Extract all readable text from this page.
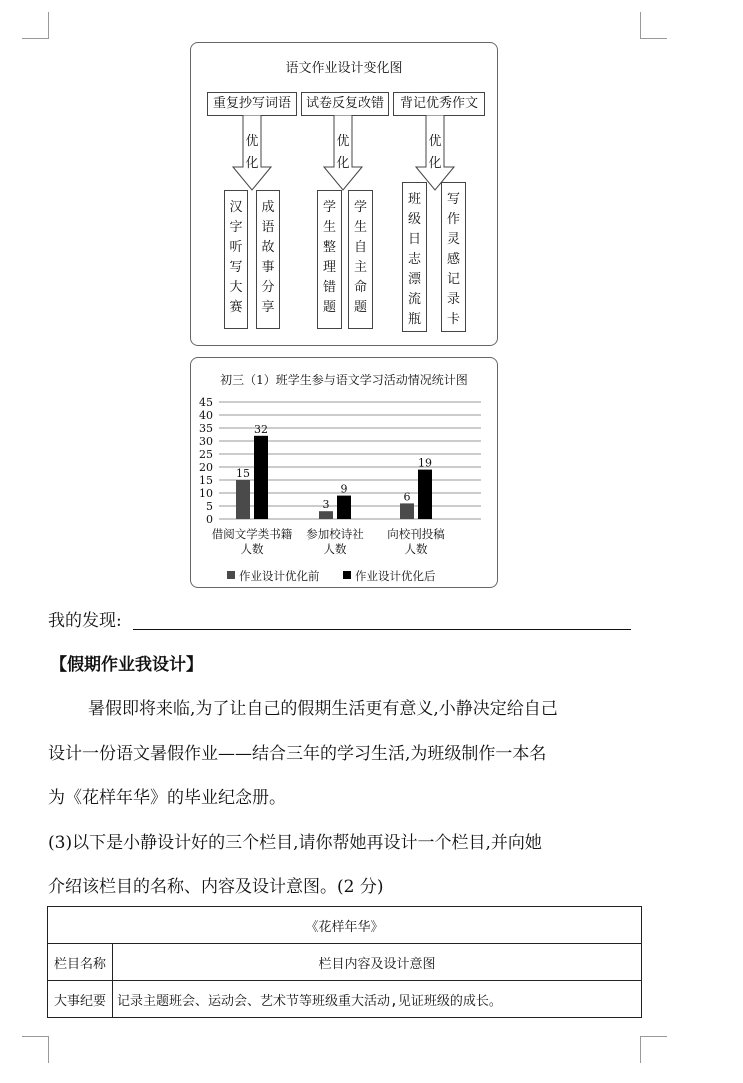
语文作业设计变化图
重复抄写词语
优
化
汉
字
听
写
大
赛
成
语
故
事
分
享
试卷反复改错
优
化
学
生
整
理
错
题
学
生
自
主
命
题
背记优秀作文
优
化
班
级
日
志
漂
流
瓶
写
作
灵
感
记
录
卡
初三（1）班学生参与语文学习活动情况统计图
0
5
10
15
20
25
30
35
40
45
15
32
借阅文学类书籍
人数
3
9
参加校诗社
人数
6
19
向校刊投稿
人数
作业设计优化前	作业设计优化后
我的发现:
【假期作业我设计】
暑假即将来临,为了让自己的假期生活更有意义,小静决定给自己
设计一份语文暑假作业——结合三年的学习生活,为班级制作一本名
为《花样年华》的毕业纪念册。
(3)以下是小静设计好的三个栏目,请你帮她再设计一个栏目,并向她
介绍该栏目的名称、内容及设计意图。(2 分)
《花样年华》	
栏目名称	栏目内容及设计意图
大事纪要	记录主题班会、运动会、艺术节等班级重大活动,见证班级的成长。
